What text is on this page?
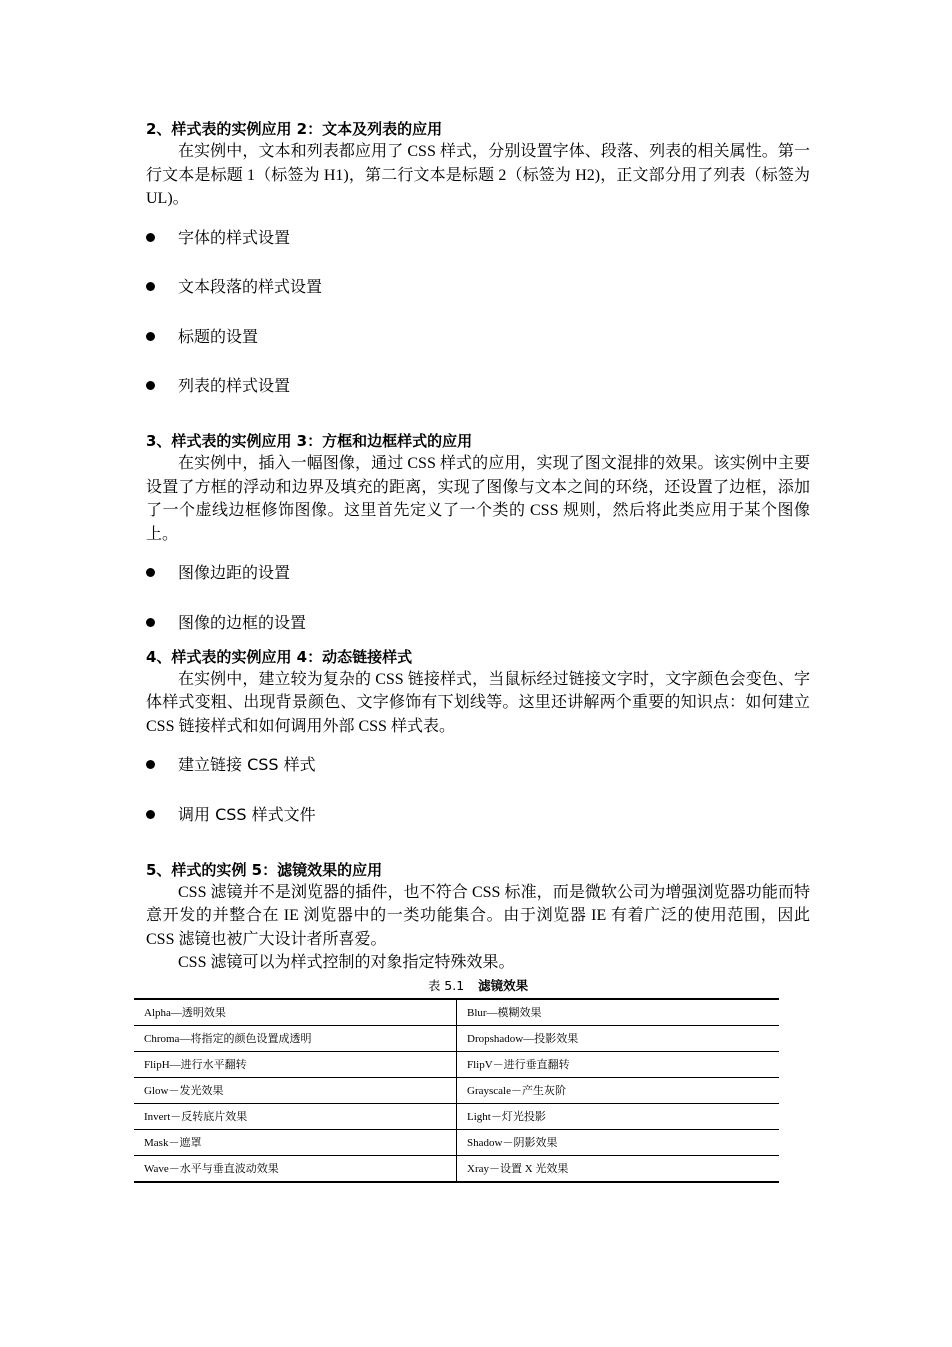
2、样式表的实例应用 2：文本及列表的应用

在实例中，文本和列表都应用了 CSS 样式，分别设置字体、段落、列表的相关属性。第一行文本是标题 1（标签为 H1)，第二行文本是标题 2（标签为 H2)，正文部分用了列表（标签为 UL)。

字体的样式设置
文本段落的样式设置
标题的设置
列表的样式设置
3、样式表的实例应用 3：方框和边框样式的应用

在实例中，插入一幅图像，通过 CSS 样式的应用，实现了图文混排的效果。该实例中主要设置了方框的浮动和边界及填充的距离，实现了图像与文本之间的环绕，还设置了边框，添加了一个虚线边框修饰图像。这里首先定义了一个类的 CSS 规则，然后将此类应用于某个图像上。

图像边距的设置
图像的边框的设置
4、样式表的实例应用 4：动态链接样式

在实例中，建立较为复杂的 CSS 链接样式，当鼠标经过链接文字时，文字颜色会变色、字体样式变粗、出现背景颜色、文字修饰有下划线等。这里还讲解两个重要的知识点：如何建立 CSS 链接样式和如何调用外部 CSS 样式表。

建立链接 CSS 样式
调用 CSS 样式文件
5、样式的实例 5：滤镜效果的应用

CSS 滤镜并不是浏览器的插件，也不符合 CSS 标准，而是微软公司为增强浏览器功能而特意开发的并整合在 IE 浏览器中的一类功能集合。由于浏览器 IE 有着广泛的使用范围，因此 CSS 滤镜也被广大设计者所喜爱。

CSS 滤镜可以为样式控制的对象指定特殊效果。

表 5.1 滤镜效果
Alpha—透明效果	Blur—模糊效果
Chroma—将指定的颜色设置成透明	Dropshadow—投影效果
FlipH—进行水平翻转	FlipV－进行垂直翻转
Glow－发光效果	Grayscale－产生灰阶
Invert－反转底片效果	Light－灯光投影
Mask－遮罩	Shadow－阴影效果
Wave－水平与垂直波动效果	Xray－设置 X 光效果
